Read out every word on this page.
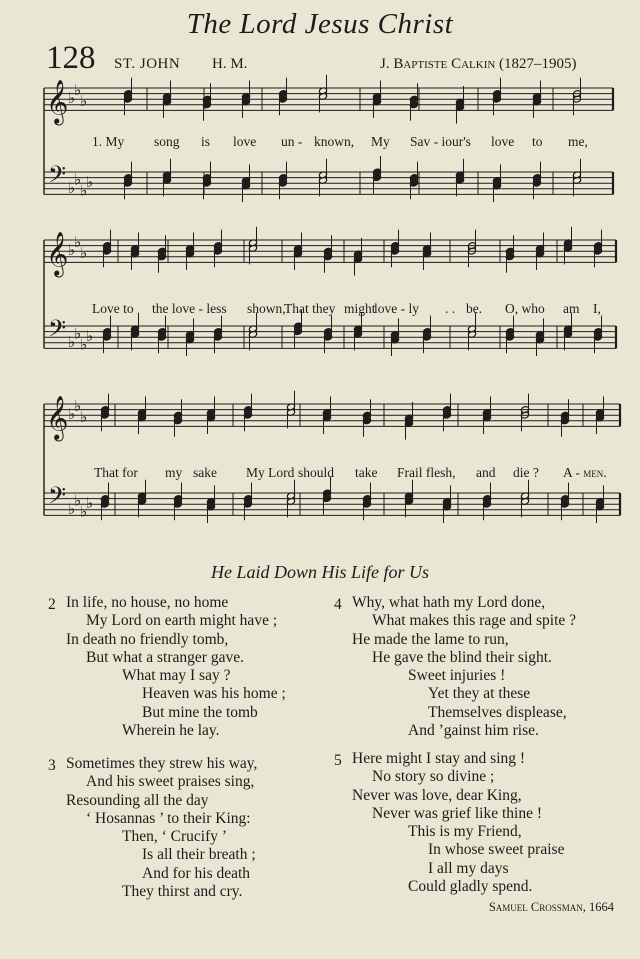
The Lord Jesus Christ
128 ST. JOHN H. M.	J. Baptiste Calkin (1827–1905)
𝄞
𝄢
♭
♭
♭
♭
♭
♭
♭
𝄞
𝄢
♭
♭
♭
♭
♭
♭
♭
𝄞
𝄢
♭
♭
♭
♭
♭
♭
♭
1. My song is love un - known, My Sav - iour's love to me,
Love to the love - less shown,
That they might
love - ly . . be. O, who am I,
That for my sake My Lord should take Frail flesh, and die ? A - men.
He Laid Down His Life for Us
2 In life, no house, no home
My Lord on earth might have ;
In death no friendly tomb,
But what a stranger gave.
What may I say ?
Heaven was his home ;
But mine the tomb
Wherein he lay.
3 Sometimes they strew his way,
And his sweet praises sing,
Resounding all the day
‘ Hosannas ’ to their King:
Then, ‘ Crucify ’
Is all their breath ;
And for his death
They thirst and cry.
4 Why, what hath my Lord done,
What makes this rage and spite ?
He made the lame to run,
He gave the blind their sight.
Sweet injuries !
Yet they at these
Themselves displease,
And ’gainst him rise.
5 Here might I stay and sing !
No story so divine ;
Never was love, dear King,
Never was grief like thine !
This is my Friend,
In whose sweet praise
I all my days
Could gladly spend.
Samuel Crossman, 1664
